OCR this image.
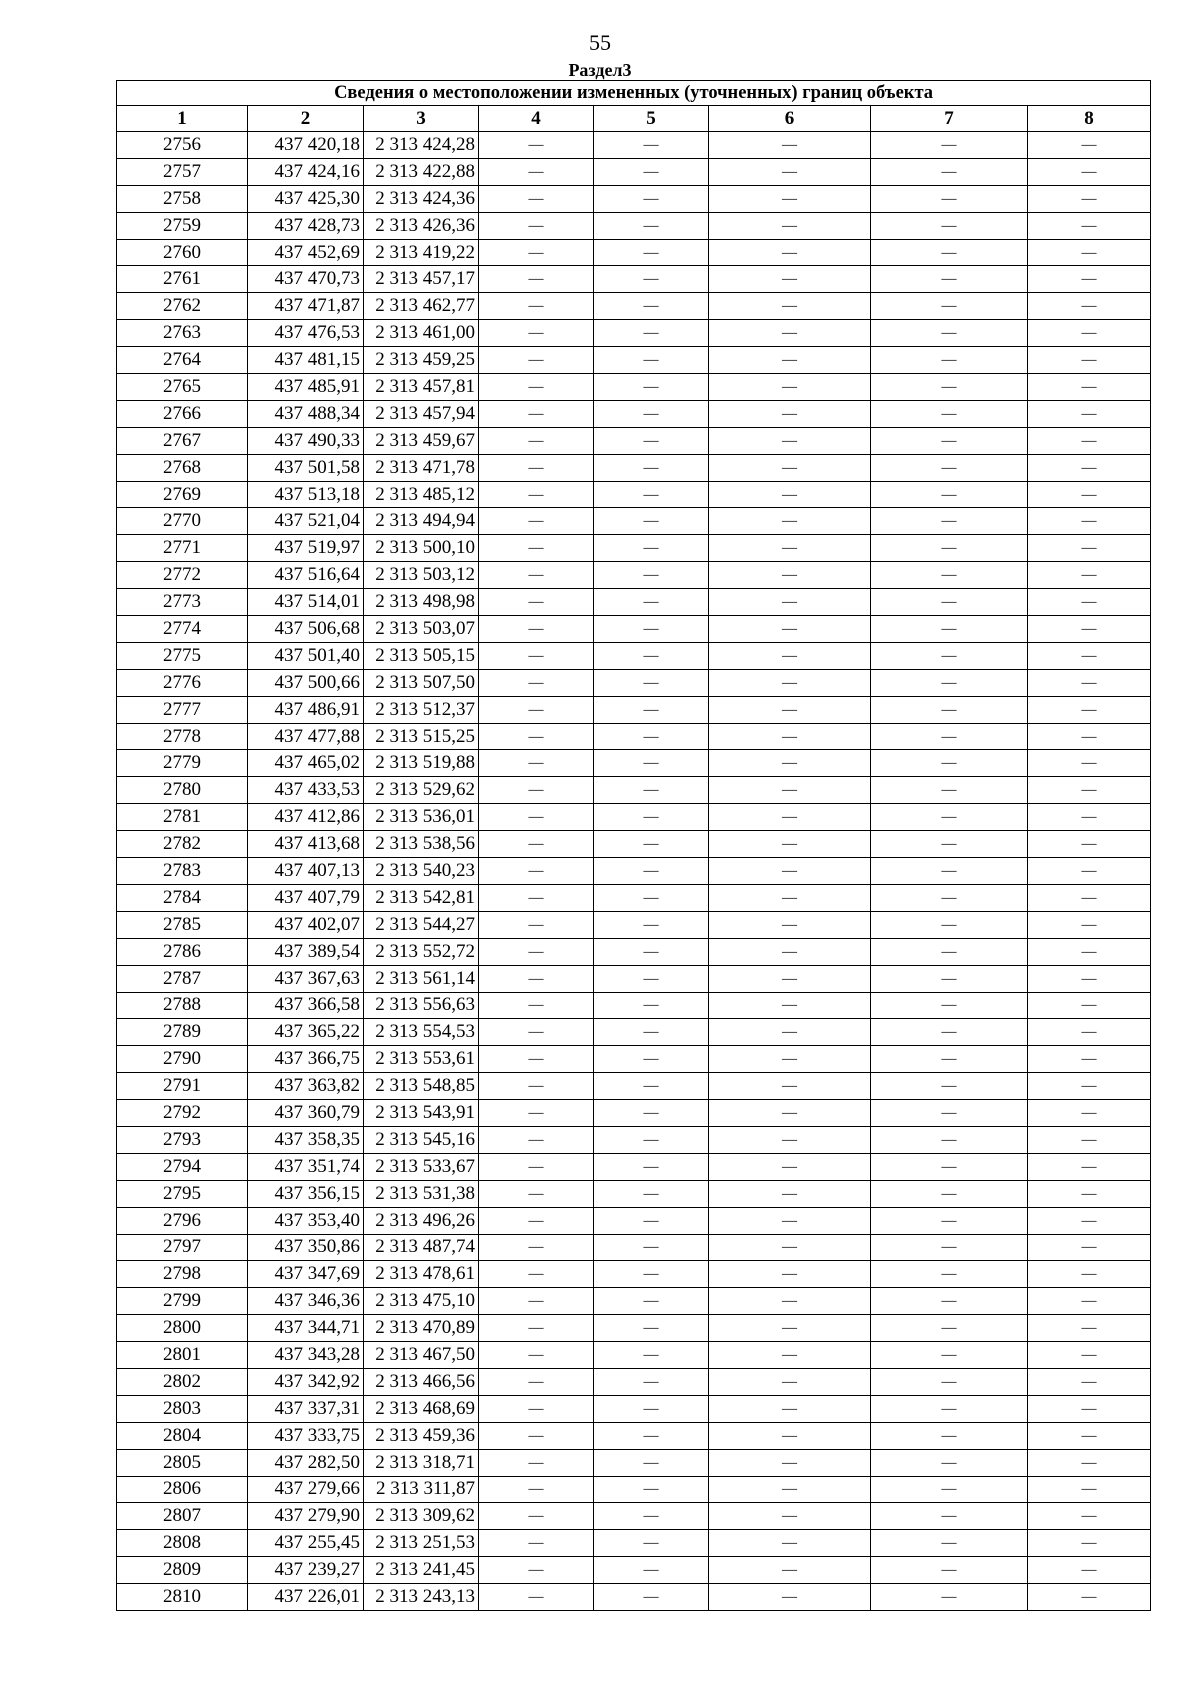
55
Раздел3
Сведения о местоположении измененных (уточненных) границ объекта							
1	2	3	4	5	6	7	8
2756	437 420,18	2 313 424,28	—	—	—	—	—
2757	437 424,16	2 313 422,88	—	—	—	—	—
2758	437 425,30	2 313 424,36	—	—	—	—	—
2759	437 428,73	2 313 426,36	—	—	—	—	—
2760	437 452,69	2 313 419,22	—	—	—	—	—
2761	437 470,73	2 313 457,17	—	—	—	—	—
2762	437 471,87	2 313 462,77	—	—	—	—	—
2763	437 476,53	2 313 461,00	—	—	—	—	—
2764	437 481,15	2 313 459,25	—	—	—	—	—
2765	437 485,91	2 313 457,81	—	—	—	—	—
2766	437 488,34	2 313 457,94	—	—	—	—	—
2767	437 490,33	2 313 459,67	—	—	—	—	—
2768	437 501,58	2 313 471,78	—	—	—	—	—
2769	437 513,18	2 313 485,12	—	—	—	—	—
2770	437 521,04	2 313 494,94	—	—	—	—	—
2771	437 519,97	2 313 500,10	—	—	—	—	—
2772	437 516,64	2 313 503,12	—	—	—	—	—
2773	437 514,01	2 313 498,98	—	—	—	—	—
2774	437 506,68	2 313 503,07	—	—	—	—	—
2775	437 501,40	2 313 505,15	—	—	—	—	—
2776	437 500,66	2 313 507,50	—	—	—	—	—
2777	437 486,91	2 313 512,37	—	—	—	—	—
2778	437 477,88	2 313 515,25	—	—	—	—	—
2779	437 465,02	2 313 519,88	—	—	—	—	—
2780	437 433,53	2 313 529,62	—	—	—	—	—
2781	437 412,86	2 313 536,01	—	—	—	—	—
2782	437 413,68	2 313 538,56	—	—	—	—	—
2783	437 407,13	2 313 540,23	—	—	—	—	—
2784	437 407,79	2 313 542,81	—	—	—	—	—
2785	437 402,07	2 313 544,27	—	—	—	—	—
2786	437 389,54	2 313 552,72	—	—	—	—	—
2787	437 367,63	2 313 561,14	—	—	—	—	—
2788	437 366,58	2 313 556,63	—	—	—	—	—
2789	437 365,22	2 313 554,53	—	—	—	—	—
2790	437 366,75	2 313 553,61	—	—	—	—	—
2791	437 363,82	2 313 548,85	—	—	—	—	—
2792	437 360,79	2 313 543,91	—	—	—	—	—
2793	437 358,35	2 313 545,16	—	—	—	—	—
2794	437 351,74	2 313 533,67	—	—	—	—	—
2795	437 356,15	2 313 531,38	—	—	—	—	—
2796	437 353,40	2 313 496,26	—	—	—	—	—
2797	437 350,86	2 313 487,74	—	—	—	—	—
2798	437 347,69	2 313 478,61	—	—	—	—	—
2799	437 346,36	2 313 475,10	—	—	—	—	—
2800	437 344,71	2 313 470,89	—	—	—	—	—
2801	437 343,28	2 313 467,50	—	—	—	—	—
2802	437 342,92	2 313 466,56	—	—	—	—	—
2803	437 337,31	2 313 468,69	—	—	—	—	—
2804	437 333,75	2 313 459,36	—	—	—	—	—
2805	437 282,50	2 313 318,71	—	—	—	—	—
2806	437 279,66	2 313 311,87	—	—	—	—	—
2807	437 279,90	2 313 309,62	—	—	—	—	—
2808	437 255,45	2 313 251,53	—	—	—	—	—
2809	437 239,27	2 313 241,45	—	—	—	—	—
2810	437 226,01	2 313 243,13	—	—	—	—	—
